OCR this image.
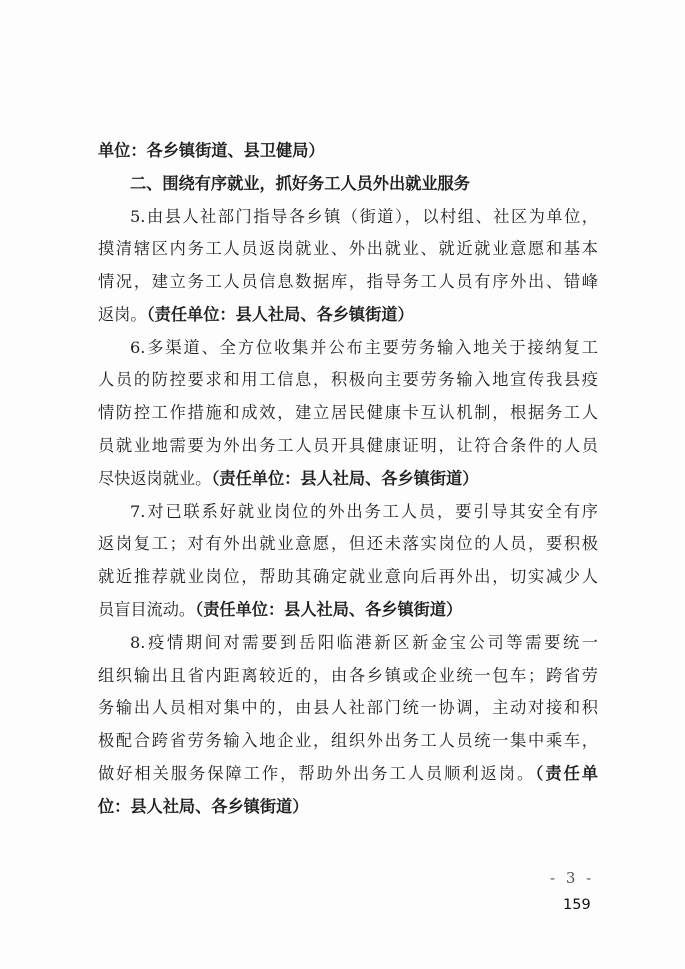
单位：各乡镇街道、县卫健局）
二、围绕有序就业，抓好务工人员外出就业服务
5.由县人社部门指导各乡镇（街道），以村组、社区为单位，
摸清辖区内务工人员返岗就业、外出就业、就近就业意愿和基本
情况，建立务工人员信息数据库，指导务工人员有序外出、错峰
返岗。（责任单位：县人社局、各乡镇街道）
6.多渠道、全方位收集并公布主要劳务输入地关于接纳复工
人员的防控要求和用工信息，积极向主要劳务输入地宣传我县疫
情防控工作措施和成效，建立居民健康卡互认机制，根据务工人
员就业地需要为外出务工人员开具健康证明，让符合条件的人员
尽快返岗就业。（责任单位：县人社局、各乡镇街道）
7.对已联系好就业岗位的外出务工人员，要引导其安全有序
返岗复工；对有外出就业意愿，但还未落实岗位的人员，要积极
就近推荐就业岗位，帮助其确定就业意向后再外出，切实减少人
员盲目流动。（责任单位：县人社局、各乡镇街道）
8.疫情期间对需要到岳阳临港新区新金宝公司等需要统一
组织输出且省内距离较近的，由各乡镇或企业统一包车；跨省劳
务输出人员相对集中的，由县人社部门统一协调，主动对接和积
极配合跨省劳务输入地企业，组织外出务工人员统一集中乘车，
做好相关服务保障工作，帮助外出务工人员顺利返岗。（责任单
位：县人社局、各乡镇街道）
- 3 -
159
